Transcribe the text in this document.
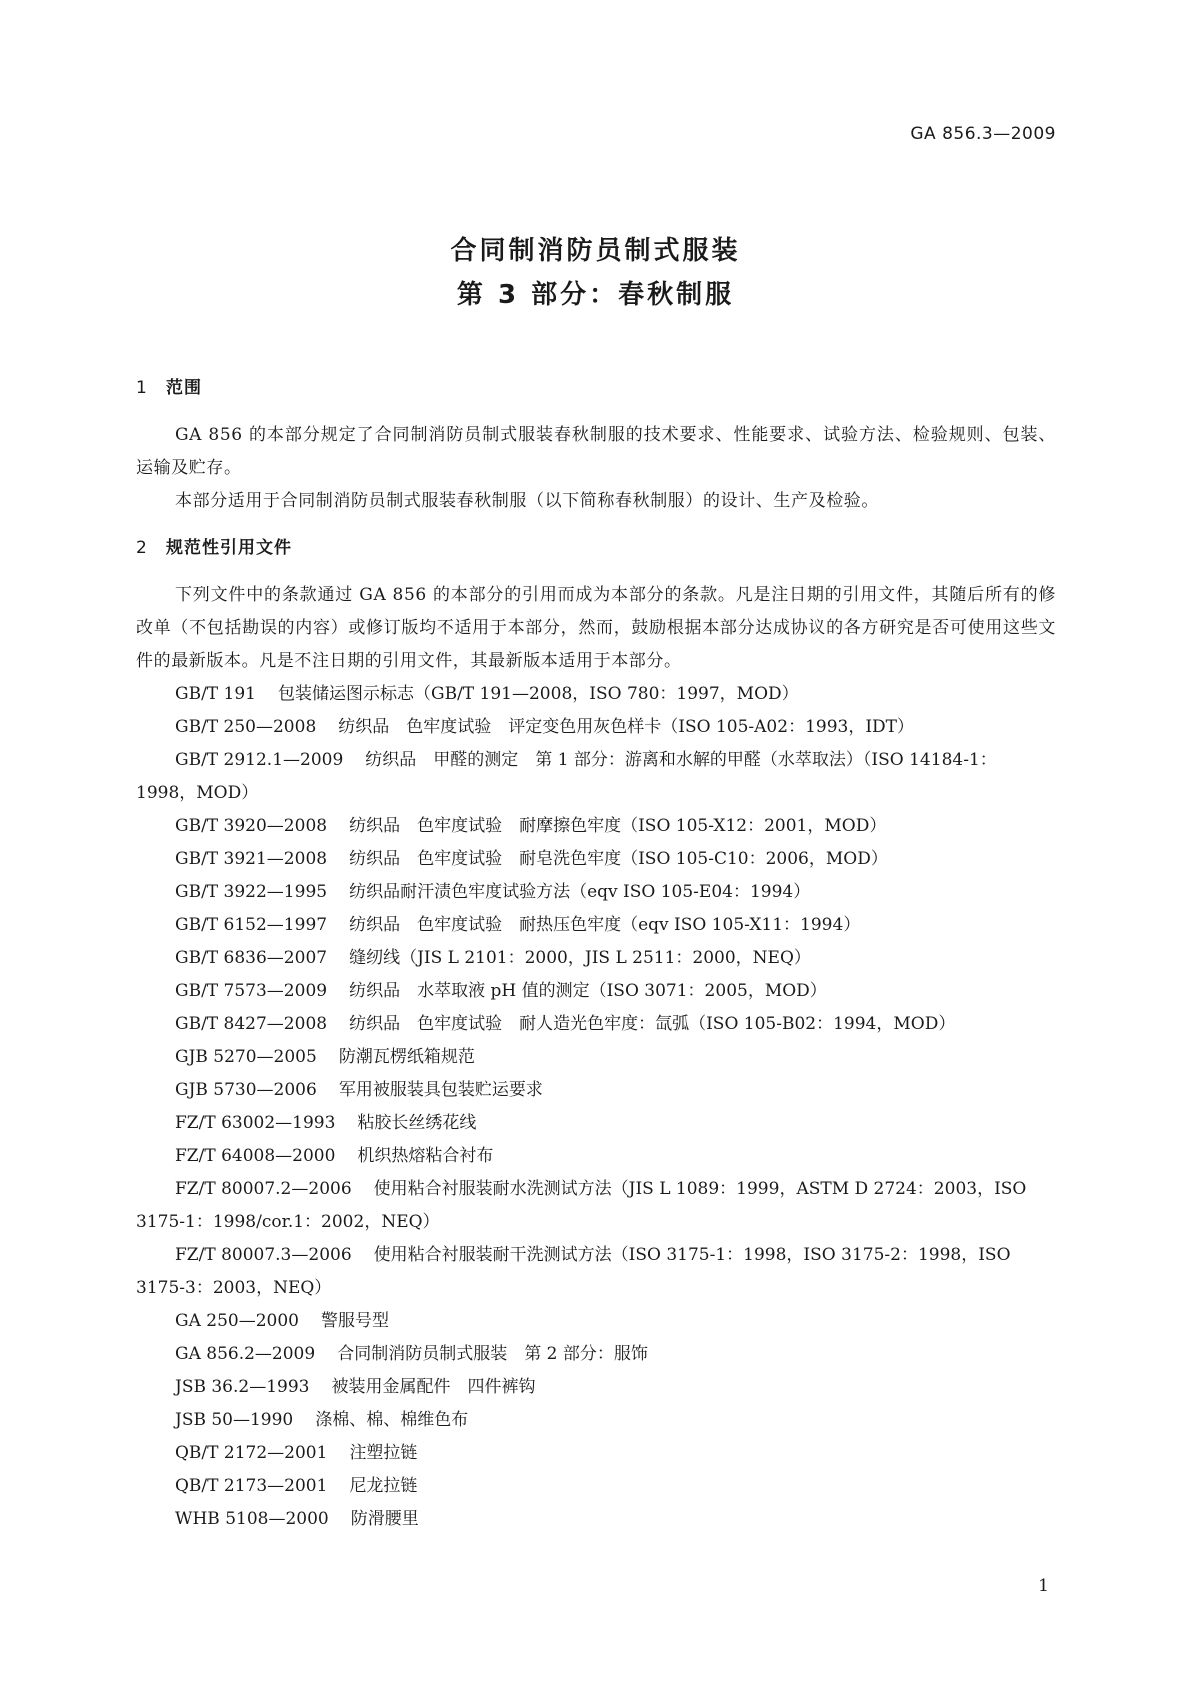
GA 856.3—2009
合同制消防员制式服装
第 3 部分：春秋制服
1 范围

GA 856 的本部分规定了合同制消防员制式服装春秋制服的技术要求、性能要求、试验方法、检验规则、包装、运输及贮存。

本部分适用于合同制消防员制式服装春秋制服（以下简称春秋制服）的设计、生产及检验。

2 规范性引用文件

下列文件中的条款通过 GA 856 的本部分的引用而成为本部分的条款。凡是注日期的引用文件，其随后所有的修改单（不包括勘误的内容）或修订版均不适用于本部分，然而，鼓励根据本部分达成协议的各方研究是否可使用这些文件的最新版本。凡是不注日期的引用文件，其最新版本适用于本部分。

GB/T 191 包装储运图示标志（GB/T 191—2008，ISO 780：1997，MOD）
GB/T 250—2008 纺织品　色牢度试验　评定变色用灰色样卡（ISO 105-A02：1993，IDT）
GB/T 2912.1—2009 纺织品　甲醛的测定　第 1 部分：游离和水解的甲醛（水萃取法）（ISO 14184-1：1998，MOD）
GB/T 3920—2008 纺织品　色牢度试验　耐摩擦色牢度（ISO 105-X12：2001，MOD）
GB/T 3921—2008 纺织品　色牢度试验　耐皂洗色牢度（ISO 105-C10：2006，MOD）
GB/T 3922—1995 纺织品耐汗渍色牢度试验方法（eqv ISO 105-E04：1994）
GB/T 6152—1997 纺织品　色牢度试验　耐热压色牢度（eqv ISO 105-X11：1994）
GB/T 6836—2007 缝纫线（JIS L 2101：2000，JIS L 2511：2000，NEQ）
GB/T 7573—2009 纺织品　水萃取液 pH 值的测定（ISO 3071：2005，MOD）
GB/T 8427—2008 纺织品　色牢度试验　耐人造光色牢度：氙弧（ISO 105-B02：1994，MOD）
GJB 5270—2005 防潮瓦楞纸箱规范
GJB 5730—2006 军用被服装具包装贮运要求
FZ/T 63002—1993 粘胶长丝绣花线
FZ/T 64008—2000 机织热熔粘合衬布
FZ/T 80007.2—2006 使用粘合衬服装耐水洗测试方法（JIS L 1089：1999，ASTM D 2724：2003，ISO 3175-1：1998/cor.1：2002，NEQ）
FZ/T 80007.3—2006 使用粘合衬服装耐干洗测试方法（ISO 3175-1：1998，ISO 3175-2：1998，ISO 3175-3：2003，NEQ）
GA 250—2000 警服号型
GA 856.2—2009 合同制消防员制式服装　第 2 部分：服饰
JSB 36.2—1993 被装用金属配件　四件裤钩
JSB 50—1990 涤棉、棉、棉维色布
QB/T 2172—2001 注塑拉链
QB/T 2173—2001 尼龙拉链
WHB 5108—2000 防滑腰里
1
